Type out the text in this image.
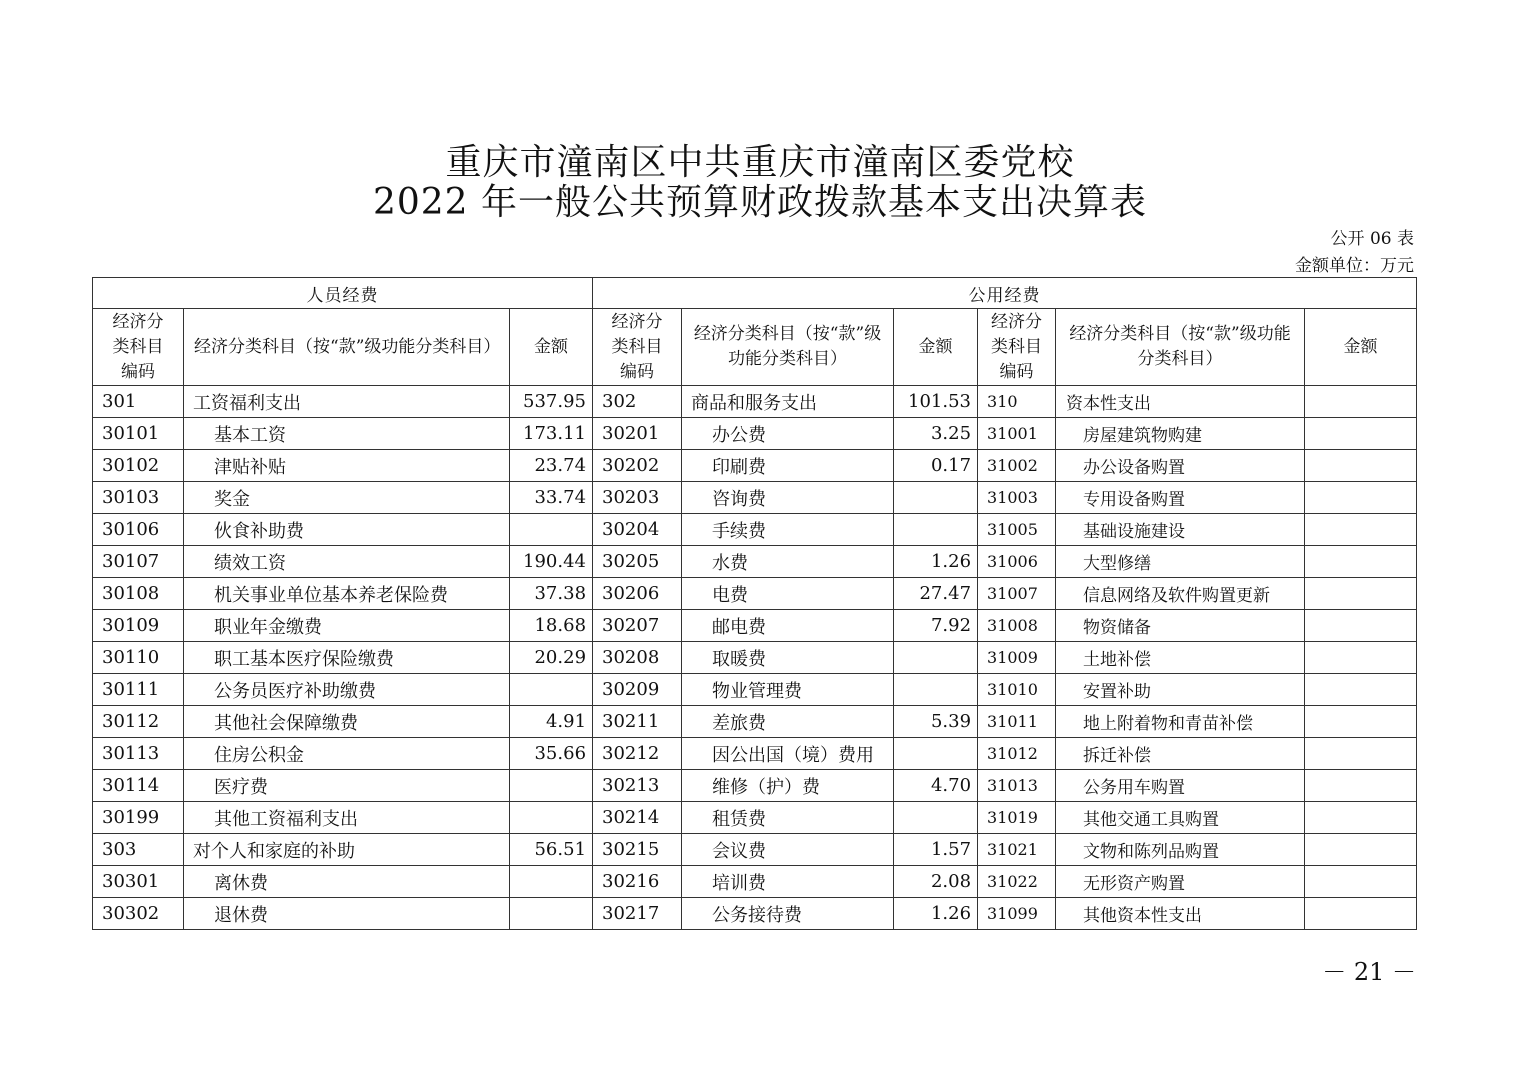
重庆市潼南区中共重庆市潼南区委党校
2022 年一般公共预算财政拨款基本支出决算表
公开 06 表
金额单位：万元
人员经费			公用经费					
经济分类科目编码	经济分类科目（按“款”级功能分类科目）	金额	经济分类科目编码	经济分类科目（按“款”级功能分类科目）	金额	经济分类科目编码	经济分类科目（按“款”级功能分类科目）	金额
301	工资福利支出	537.95	302	商品和服务支出	101.53	310	资本性支出	
30101	基本工资	173.11	30201	办公费	3.25	31001	房屋建筑物购建	
30102	津贴补贴	23.74	30202	印刷费	0.17	31002	办公设备购置	
30103	奖金	33.74	30203	咨询费		31003	专用设备购置	
30106	伙食补助费		30204	手续费		31005	基础设施建设	
30107	绩效工资	190.44	30205	水费	1.26	31006	大型修缮	
30108	机关事业单位基本养老保险费	37.38	30206	电费	27.47	31007	信息网络及软件购置更新	
30109	职业年金缴费	18.68	30207	邮电费	7.92	31008	物资储备	
30110	职工基本医疗保险缴费	20.29	30208	取暖费		31009	土地补偿	
30111	公务员医疗补助缴费		30209	物业管理费		31010	安置补助	
30112	其他社会保障缴费	4.91	30211	差旅费	5.39	31011	地上附着物和青苗补偿	
30113	住房公积金	35.66	30212	因公出国（境）费用		31012	拆迁补偿	
30114	医疗费		30213	维修（护）费	4.70	31013	公务用车购置	
30199	其他工资福利支出		30214	租赁费		31019	其他交通工具购置	
303	对个人和家庭的补助	56.51	30215	会议费	1.57	31021	文物和陈列品购置	
30301	离休费		30216	培训费	2.08	31022	无形资产购置	
30302	退休费		30217	公务接待费	1.26	31099	其他资本性支出	
－ 21 －
